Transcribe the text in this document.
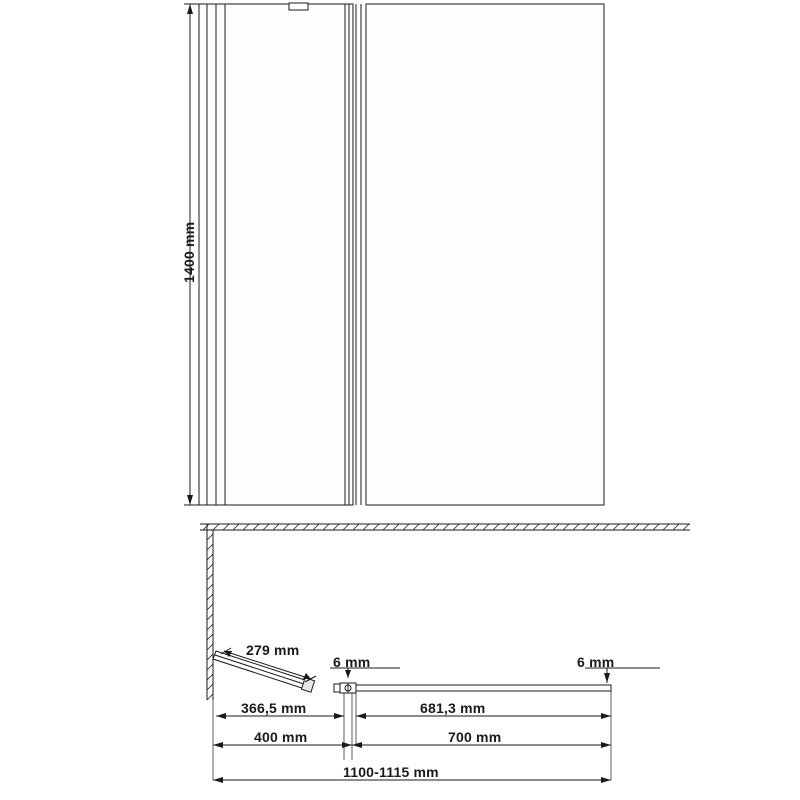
1400 mm
279 mm
6 mm	6 mm
366,5 mm	681,3 mm
400 mm	700 mm
1100-1115 mm
